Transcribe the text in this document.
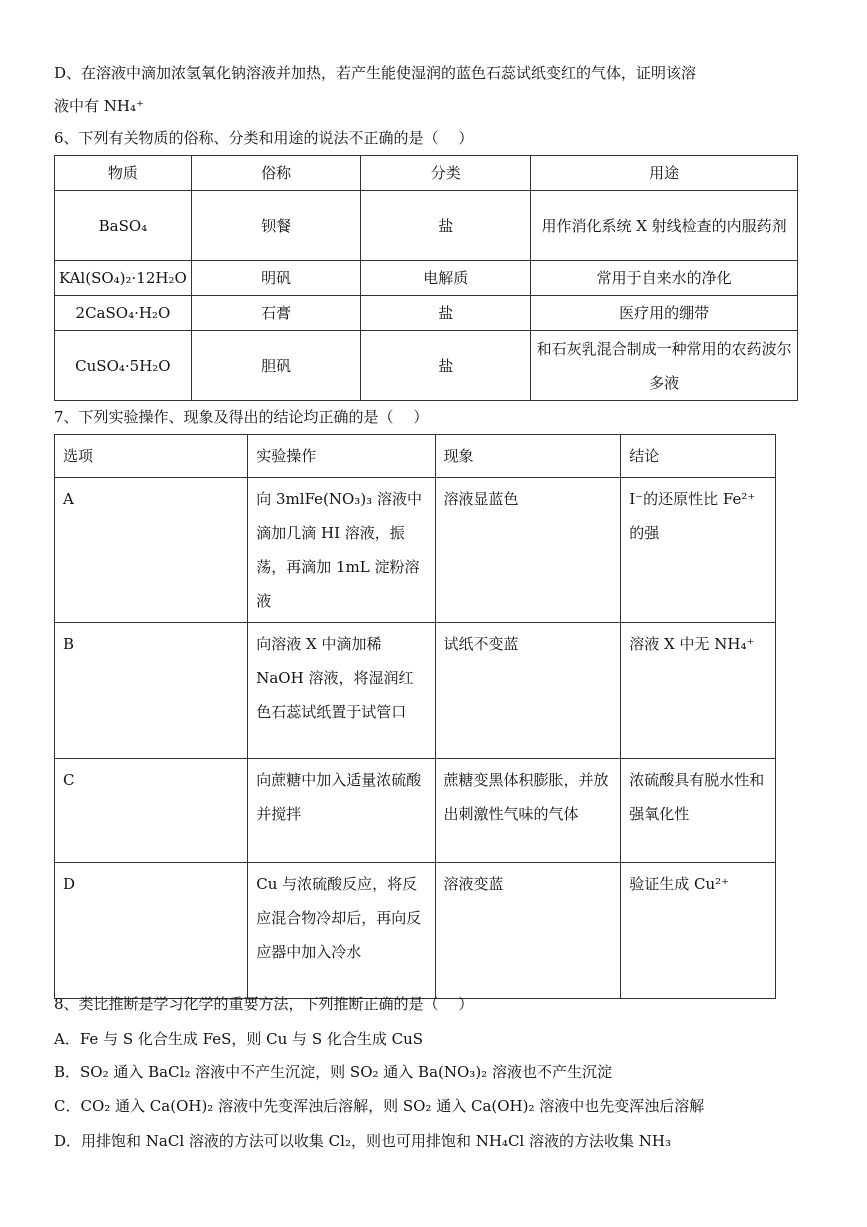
D、在溶液中滴加浓氢氧化钠溶液并加热，若产生能使湿润的蓝色石蕊试纸变红的气体，证明该溶
液中有 NH₄⁺
6、下列有关物质的俗称、分类和用途的说法不正确的是（　 ）
物质	俗称	分类	用途
BaSO₄	钡餐	盐	用作消化系统 X 射线检查的内服药剂
KAl(SO₄)₂·12H₂O	明矾	电解质	常用于自来水的净化
2CaSO₄·H₂O	石膏	盐	医疗用的绷带
CuSO₄·5H₂O	胆矾	盐	和石灰乳混合制成一种常用的农药波尔多液
7、下列实验操作、现象及得出的结论均正确的是（　 ）
选项	实验操作	现象	结论
A	向 3mlFe(NO₃)₃ 溶液中滴加几滴 HI 溶液，振荡，再滴加 1mL 淀粉溶液	溶液显蓝色	I⁻的还原性比 Fe²⁺的强
B	向溶液 X 中滴加稀 NaOH 溶液，将湿润红色石蕊试纸置于试管口	试纸不变蓝	溶液 X 中无 NH₄⁺
C	向蔗糖中加入适量浓硫酸并搅拌	蔗糖变黑体积膨胀，并放出刺激性气味的气体	浓硫酸具有脱水性和强氧化性
D	Cu 与浓硫酸反应，将反应混合物冷却后，再向反应器中加入冷水	溶液变蓝	验证生成 Cu²⁺
8、类比推断是学习化学的重要方法，下列推断正确的是（　 ）
A．Fe 与 S 化合生成 FeS，则 Cu 与 S 化合生成 CuS
B．SO₂ 通入 BaCl₂ 溶液中不产生沉淀，则 SO₂ 通入 Ba(NO₃)₂ 溶液也不产生沉淀
C．CO₂ 通入 Ca(OH)₂ 溶液中先变浑浊后溶解，则 SO₂ 通入 Ca(OH)₂ 溶液中也先变浑浊后溶解
D．用排饱和 NaCl 溶液的方法可以收集 Cl₂，则也可用排饱和 NH₄Cl 溶液的方法收集 NH₃
